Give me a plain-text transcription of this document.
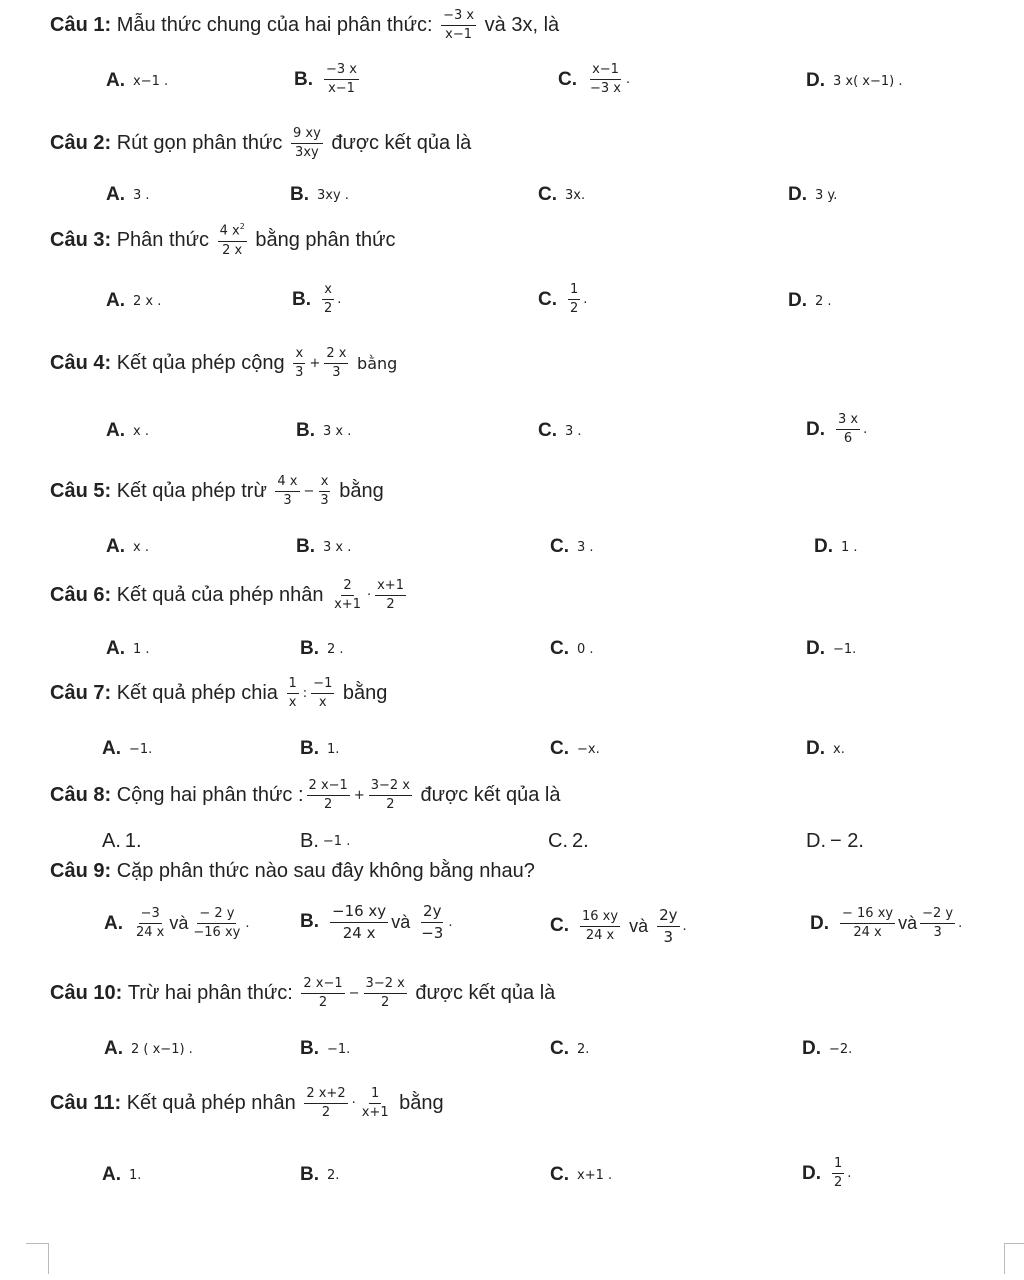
Câu 1:
Mẫu thức chung của hai phân thức:
$\frac{-3 x}{x-1}$
và 3x, là
A. x−1 .	B. $\frac{-3 x}{x-1}$	C. $\frac{x-1}{-3 x}$ .	D. 3 x( x−1) .
Câu 2:
Rút gọn phân thức
$\frac{9 xy}{3xy}$
được kết qủa là
A. 3 .	B. 3xy .	C. 3x.	D. 3 y.
Câu 3:
Phân thức
$\frac{4 x^2}{2 x}$
bằng phân thức
A. 2 x .	B. $\frac{x}{2}$ .	C. $\frac{1}{2}$ .	D. 2 .
Câu 4:
Kết qủa phép cộng
$\frac{x}{3} + \frac{2 x}{3}$
bằng
A. x .	B. 3 x .	C. 3 .	D. $\frac{3 x}{6}$ .
Câu 5:
Kết qủa phép trừ
$\frac{4 x}{3} - \frac{x}{3}$
bằng
A. x .	B. 3 x .	C. 3 .	D. 1 .
Câu 6:
Kết quả của phép nhân
$\frac{2}{x+1} \cdot \frac{x+1}{2}$
A. 1 .	B. 2 .	C. 0 .	D. −1.
Câu 7:
Kết quả phép chia
$\frac{1}{x}$ : $\frac{-1}{x}$
bằng
A. −1.	B. 1.	C. −x.	D. x.
Câu 8:
Cộng hai phân thức : $\frac{2 x-1}{2} + \frac{3-2 x}{2}$
được kết qủa là
A. 1.	B. −1 .	C. 2.	D. − 2.
Câu 9:
Cặp phân thức nào sau đây không bằng nhau?
A. $\frac{-3}{24 x}$ và $\frac{- 2 y}{-16 xy}$ .	B. $\frac{-16 xy}{24 x}$ và $\frac{2y}{-3}$ .	C. $\frac{16 xy}{24 x}$ và $\frac{2y}{3}$ .	D. $\frac{- 16 xy}{24 x}$ và $\frac{-2 y}{3}$ .
Câu 10:
Trừ hai phân thức:
$\frac{2 x-1}{2} - \frac{3-2 x}{2}$
được kết qủa là
A. 2 ( x−1) .	B. −1.	C. 2.	D. −2.
Câu 11:
Kết quả phép nhân
$\frac{2 x+2}{2} \cdot \frac{1}{x+1}$
bằng
A. 1.	B. 2.	C. x+1 .	D. $\frac{1}{2}$ .
